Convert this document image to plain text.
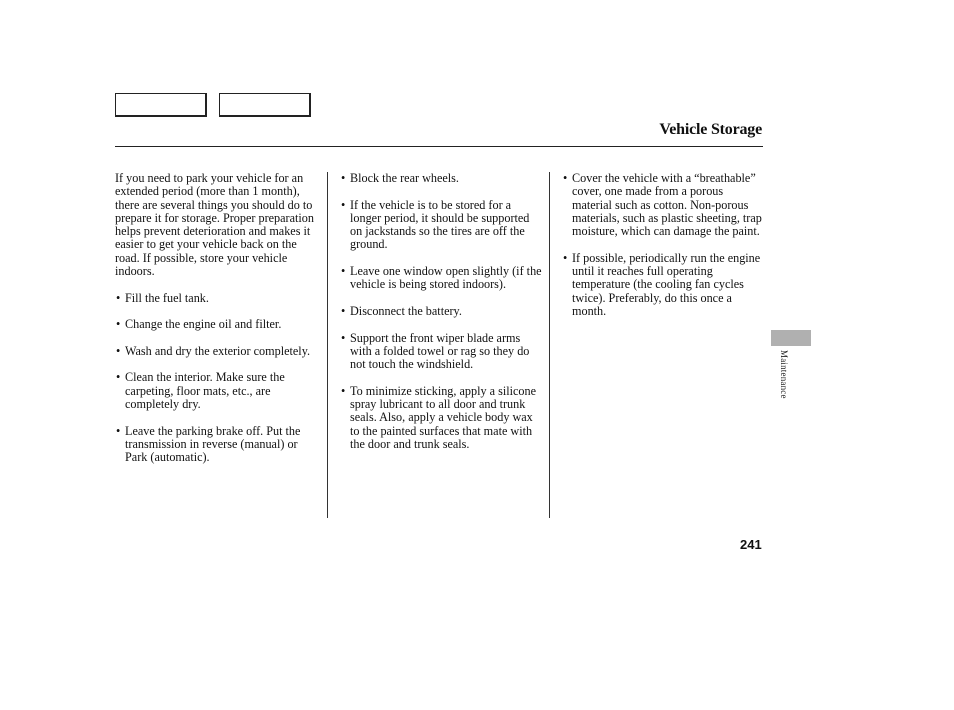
Vehicle Storage

If you need to park your vehicle for an extended period (more than 1 month), there are several things you should do to prepare it for storage. Proper preparation helps prevent deterioration and makes it easier to get your vehicle back on the road. If possible, store your vehicle indoors.

• Fill the fuel tank.
• Change the engine oil and filter.
• Wash and dry the exterior completely.
• Clean the interior. Make sure the carpeting, floor mats, etc., are completely dry.
• Leave the parking brake off. Put the transmission in reverse (manual) or Park (automatic).
• Block the rear wheels.
• If the vehicle is to be stored for a longer period, it should be supported on jackstands so the tires are off the ground.
• Leave one window open slightly (if the vehicle is being stored indoors).
• Disconnect the battery.
• Support the front wiper blade arms with a folded towel or rag so they do not touch the windshield.
• To minimize sticking, apply a silicone spray lubricant to all door and trunk seals. Also, apply a vehicle body wax to the painted surfaces that mate with the door and trunk seals.
• Cover the vehicle with a “breathable” cover, one made from a porous material such as cotton. Non-porous materials, such as plastic sheeting, trap moisture, which can damage the paint.
• If possible, periodically run the engine until it reaches full operating temperature (the cooling fan cycles twice). Preferably, do this once a month.
Maintenance
241
